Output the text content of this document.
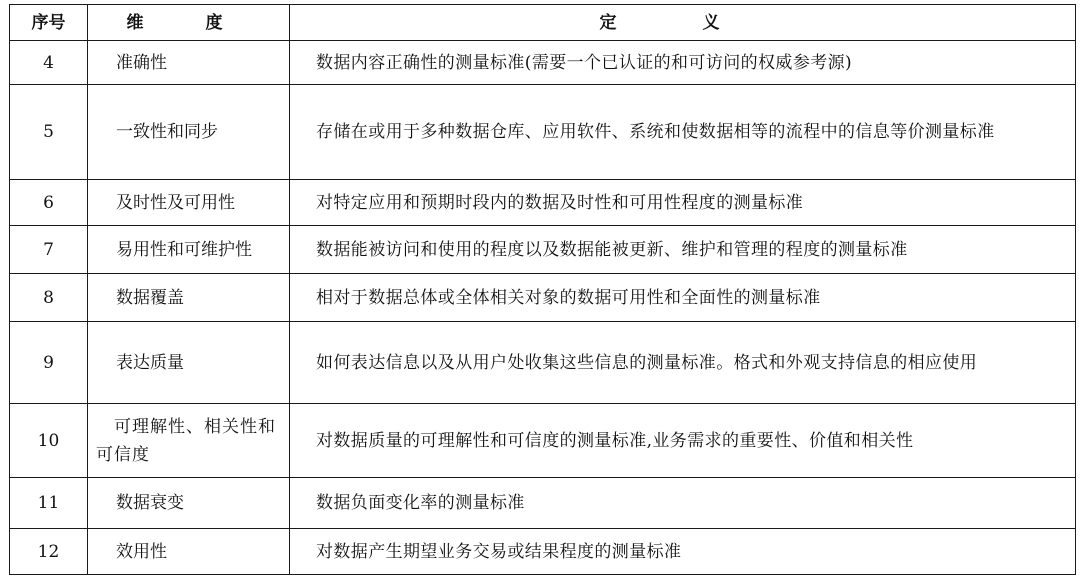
序号	维 度	定 义
4	准确性	数据内容正确性的测量标准(需要一个已认证的和可访问的权威参考源)
5	一致性和同步	存储在或用于多种数据仓库、应用软件、系统和使数据相等的流程中的信息等价测量标准
6	及时性及可用性	对特定应用和预期时段内的数据及时性和可用性程度的测量标准
7	易用性和可维护性	数据能被访问和使用的程度以及数据能被更新、维护和管理的程度的测量标准
8	数据覆盖	相对于数据总体或全体相关对象的数据可用性和全面性的测量标准
9	表达质量	如何表达信息以及从用户处收集这些信息的测量标准。格式和外观支持信息的相应使用
10	可理解性、相关性和可信度	对数据质量的可理解性和可信度的测量标准,业务需求的重要性、价值和相关性
11	数据衰变	数据负面变化率的测量标准
12	效用性	对数据产生期望业务交易或结果程度的测量标准
